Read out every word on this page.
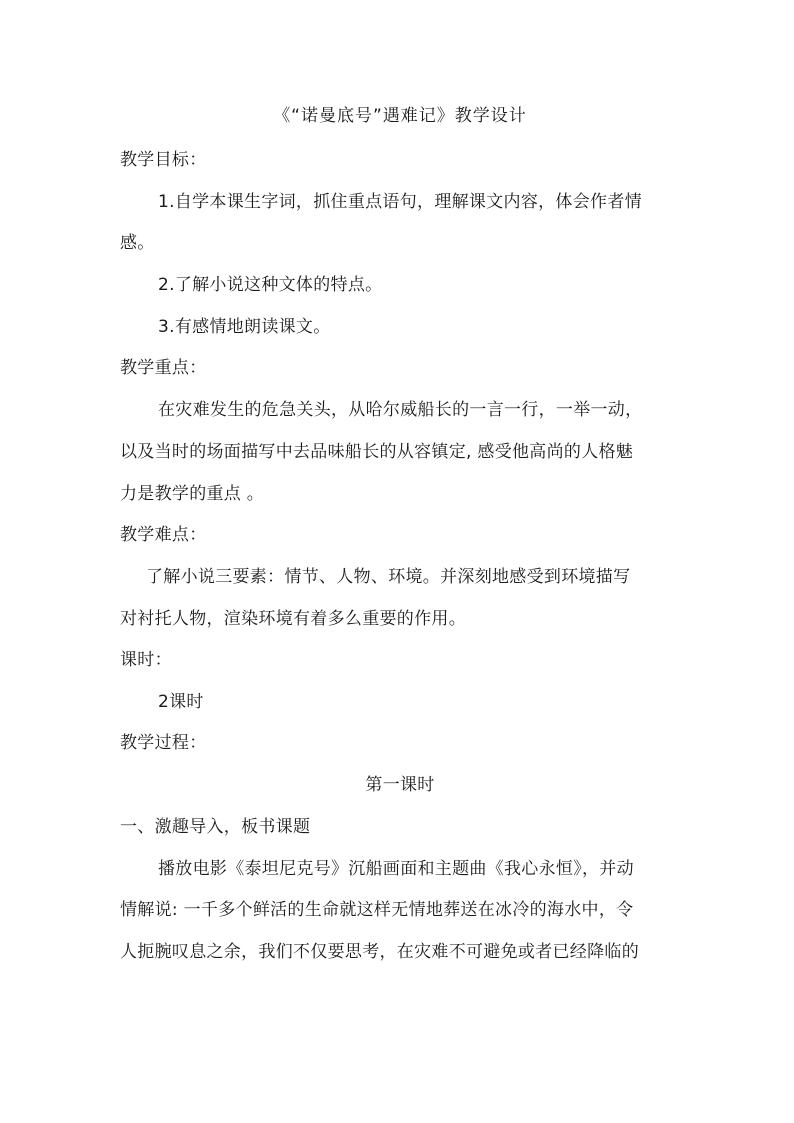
《“诺曼底号”遇难记》教学设计
教学目标：
1.自学本课生字词，抓住重点语句，理解课文内容，体会作者情
感。
2.了解小说这种文体的特点。
3.有感情地朗读课文。
教学重点：
在灾难发生的危急关头，从哈尔威船长的一言一行，一举一动，
以及当时的场面描写中去品味船长的从容镇定, 感受他高尚的人格魅
力是教学的重点 。
教学难点：
了解小说三要素：情节、人物、环境。并深刻地感受到环境描写
对衬托人物，渲染环境有着多么重要的作用。
课时：
2课时
教学过程：
第一课时
一、激趣导入，板书课题
播放电影《泰坦尼克号》沉船画面和主题曲《我心永恒》，并动
情解说: 一千多个鲜活的生命就这样无情地葬送在冰冷的海水中，令
人扼腕叹息之余，我们不仅要思考，在灾难不可避免或者已经降临的
